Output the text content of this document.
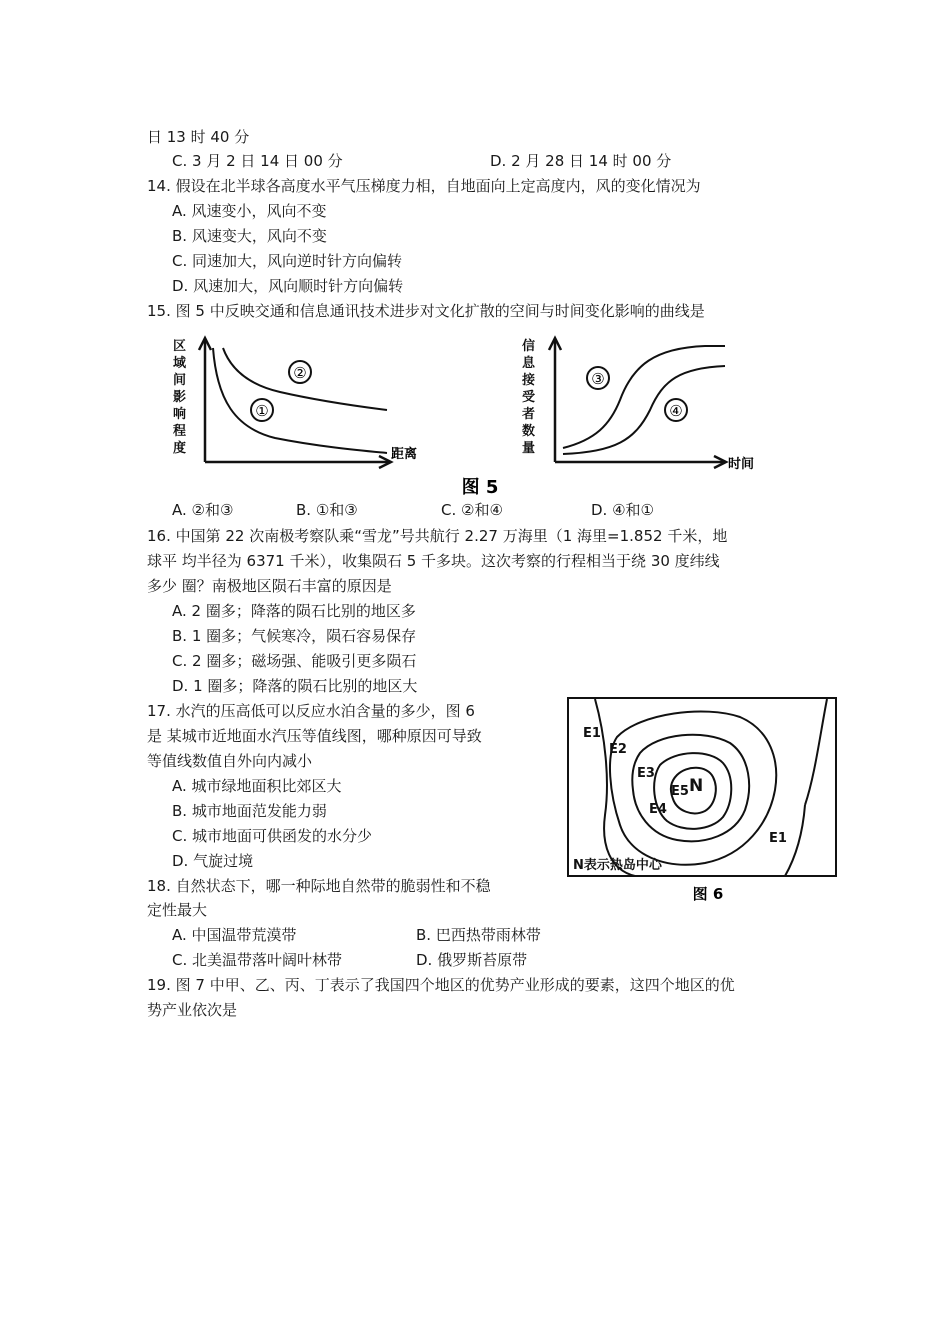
日 13 时 40 分
C. 3 月 2 日 14 日 00 分	D. 2 月 28 日 14 时 00 分
14. 假设在北半球各高度水平气压梯度力相，自地面向上定高度内，风的变化情况为
A. 风速变小，风向不变
B. 风速变大，风向不变
C. 同速加大，风向逆时针方向偏转
D. 风速加大，风向顺时针方向偏转
15. 图 5 中反映交通和信息通讯技术进步对文化扩散的空间与时间变化影响的曲线是
区
域
间
影
响
程
度	距离
②
①
信
息
接
受
者
数
量
时间
③
④
图 5
A. ②和③	B. ①和③	C. ②和④	D. ④和①
16. 中国第 22 次南极考察队乘“雪龙”号共航行 2.27 万海里（1 海里=1.852 千米，地
球平 均半径为 6371 千米），收集陨石 5 千多块。这次考察的行程相当于绕 30 度纬线
多少 圈？南极地区陨石丰富的原因是
A. 2 圈多；降落的陨石比别的地区多
B. 1 圈多；气候寒冷，陨石容易保存
C. 2 圈多；磁场强、能吸引更多陨石
D. 1 圈多；降落的陨石比别的地区大
17. 水汽的压高低可以反应水泊含量的多少，图 6
是 某城市近地面水汽压等值线图，哪种原因可导致
等值线数值自外向内减小
A. 城市绿地面积比郊区大
B. 城市地面范发能力弱
C. 城市地面可供函发的水分少
D. 气旋过境
E1
E2
E3
E4
E5 N
E1
N表示热岛中心
图 6
18. 自然状态下，哪一种际地自然带的脆弱性和不稳
定性最大
A. 中国温带荒漠带	B. 巴西热带雨林带
C. 北美温带落叶阔叶林带	D. 俄罗斯苔原带
19. 图 7 中甲、乙、丙、丁表示了我国四个地区的优势产业形成的要素，这四个地区的优
势产业依次是
